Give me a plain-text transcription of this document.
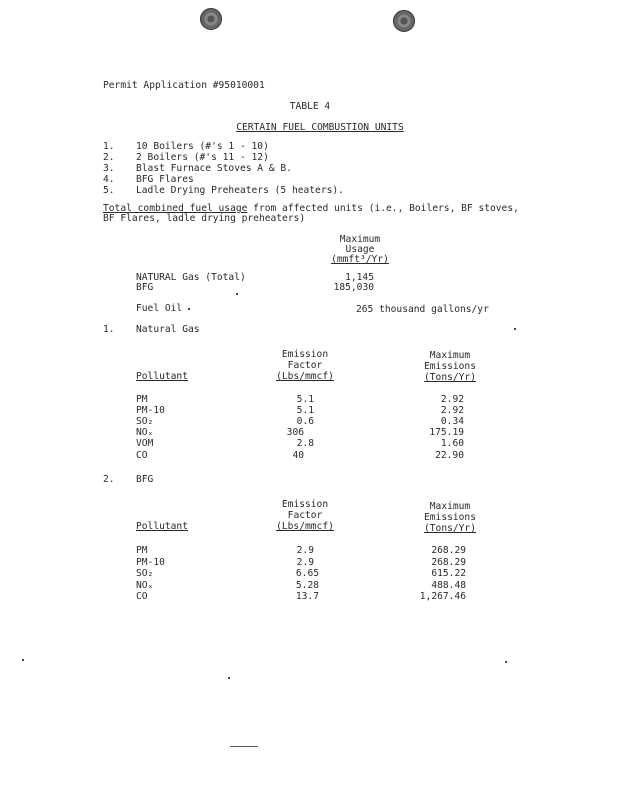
Permit Application #95010001
TABLE 4
CERTAIN FUEL COMBUSTION UNITS
1. 10 Boilers (#'s 1 - 10)
2. 2 Boilers (#'s 11 - 12)
3. Blast Furnace Stoves A & B.
4. BFG Flares
5. Ladle Drying Preheaters (5 heaters).
Total combined fuel usage from affected units (i.e., Boilers, BF stoves,
BF Flares, ladle drying preheaters)
Maximum
Usage
(mmft³/Yr)
NATURAL Gas (Total)	1,145
BFG	185,030
Fuel Oil	265 thousand gallons/yr
1. Natural Gas
Emission
Factor
(Lbs/mmcf)
Maximum
Emissions
(Tons/Yr)
Pollutant
PM	5.1	2.92
PM-10	5.1	2.92
SO₂	0.6	0.34
NOₓ	306	175.19
VOM	2.8	1.60
CO	40	22.90
2. BFG
Emission
Factor
(Lbs/mmcf)
Maximum
Emissions
(Tons/Yr)
Pollutant
PM	2.9	268.29
PM-10	2.9	268.29
SO₂	6.65	615.22
NOₓ	5.28	488.48
CO	13.7	1,267.46
